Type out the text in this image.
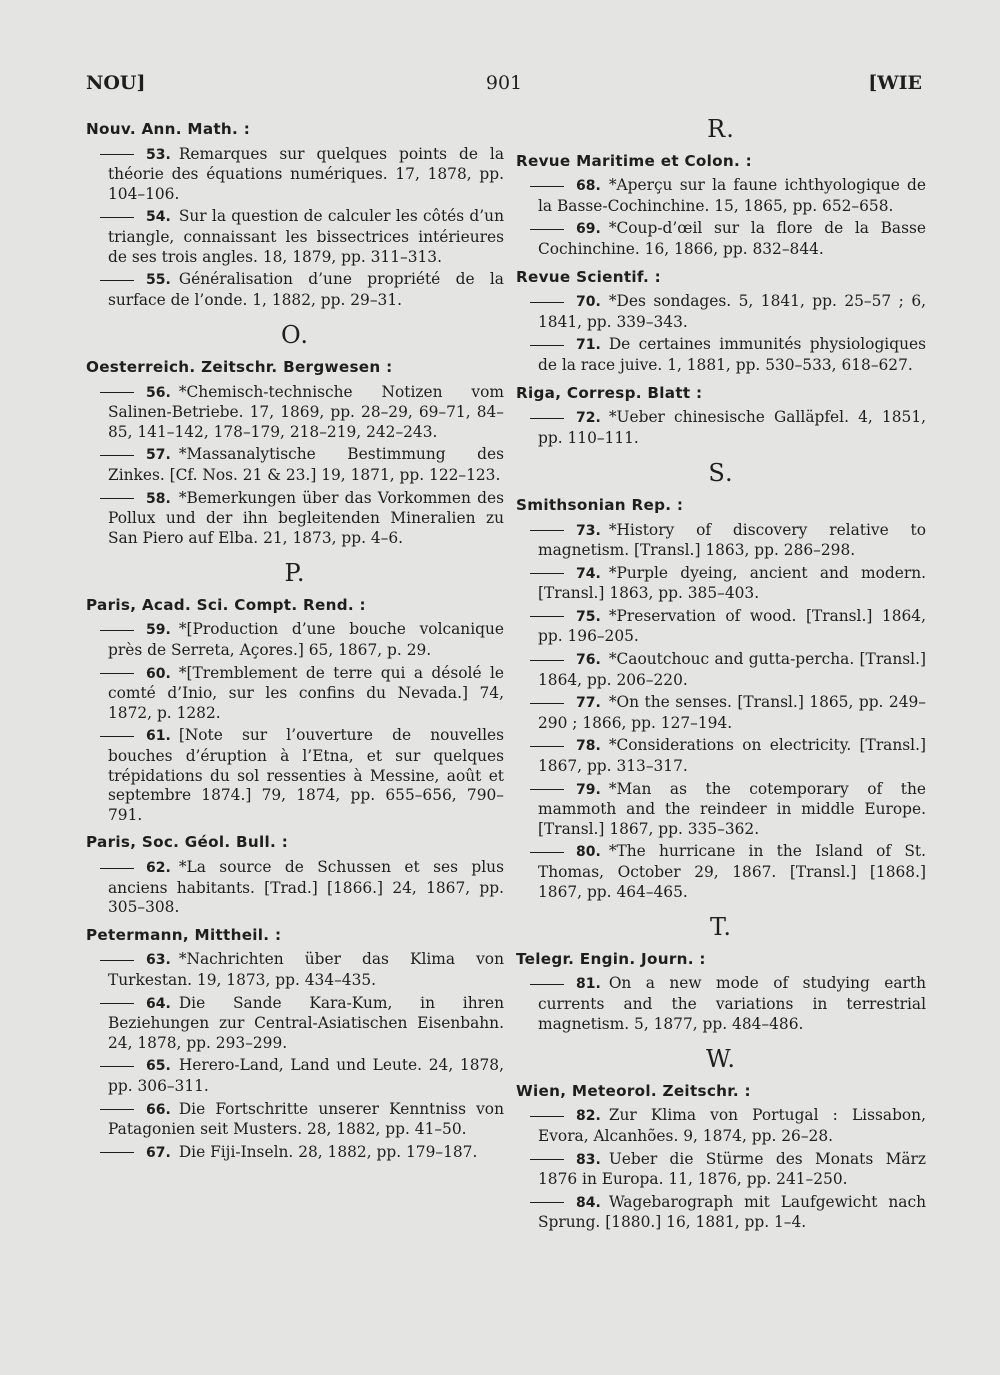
NOU]	901	[WIE
Nouv. Ann. Math. :
53. Remarques sur quelques points de la théorie des équations numériques. 17, 1878, pp. 104–106.
54. Sur la question de calculer les côtés d’un triangle, connaissant les bissectrices intérieures de ses trois angles. 18, 1879, pp. 311–313.
55. Généralisation d’une propriété de la surface de l’onde. 1, 1882, pp. 29–31.
O.
Oesterreich. Zeitschr. Bergwesen :
56. *Chemisch-technische Notizen vom Salinen-Betriebe. 17, 1869, pp. 28–29, 69–71, 84–85, 141–142, 178–179, 218–219, 242–243.
57. *Massanalytische Bestimmung des Zinkes. [Cf. Nos. 21 & 23.] 19, 1871, pp. 122–123.
58. *Bemerkungen über das Vorkommen des Pollux und der ihn begleitenden Mineralien zu San Piero auf Elba. 21, 1873, pp. 4–6.
P.
Paris, Acad. Sci. Compt. Rend. :
59. *[Production d’une bouche volcanique près de Serreta, Açores.] 65, 1867, p. 29.
60. *[Tremblement de terre qui a désolé le comté d’Inio, sur les confins du Nevada.] 74, 1872, p. 1282.
61. [Note sur l’ouverture de nouvelles bouches d’éruption à l’Etna, et sur quelques trépidations du sol ressenties à Messine, août et septembre 1874.] 79, 1874, pp. 655–656, 790–791.
Paris, Soc. Géol. Bull. :
62. *La source de Schussen et ses plus anciens habitants. [Trad.] [1866.] 24, 1867, pp. 305–308.
Petermann, Mittheil. :
63. *Nachrichten über das Klima von Turkestan. 19, 1873, pp. 434–435.
64. Die Sande Kara-Kum, in ihren Beziehungen zur Central-Asiatischen Eisenbahn. 24, 1878, pp. 293–299.
65. Herero-Land, Land und Leute. 24, 1878, pp. 306–311.
66. Die Fortschritte unserer Kenntniss von Patagonien seit Musters. 28, 1882, pp. 41–50.
67. Die Fiji-Inseln. 28, 1882, pp. 179–187.
R.
Revue Maritime et Colon. :
68. *Aperçu sur la faune ichthyologique de la Basse-Cochinchine. 15, 1865, pp. 652–658.
69. *Coup-d’œil sur la flore de la Basse Cochinchine. 16, 1866, pp. 832–844.
Revue Scientif. :
70. *Des sondages. 5, 1841, pp. 25–57 ; 6, 1841, pp. 339–343.
71. De certaines immunités physiologiques de la race juive. 1, 1881, pp. 530–533, 618–627.
Riga, Corresp. Blatt :
72. *Ueber chinesische Galläpfel. 4, 1851, pp. 110–111.
S.
Smithsonian Rep. :
73. *History of discovery relative to magnetism. [Transl.] 1863, pp. 286–298.
74. *Purple dyeing, ancient and modern. [Transl.] 1863, pp. 385–403.
75. *Preservation of wood. [Transl.] 1864, pp. 196–205.
76. *Caoutchouc and gutta-percha. [Transl.] 1864, pp. 206–220.
77. *On the senses. [Transl.] 1865, pp. 249–290 ; 1866, pp. 127–194.
78. *Considerations on electricity. [Transl.] 1867, pp. 313–317.
79. *Man as the cotemporary of the mammoth and the reindeer in middle Europe. [Transl.] 1867, pp. 335–362.
80. *The hurricane in the Island of St. Thomas, October 29, 1867. [Transl.] [1868.] 1867, pp. 464–465.
T.
Telegr. Engin. Journ. :
81. On a new mode of studying earth currents and the variations in terrestrial magnetism. 5, 1877, pp. 484–486.
W.
Wien, Meteorol. Zeitschr. :
82. Zur Klima von Portugal : Lissabon, Evora, Alcanhões. 9, 1874, pp. 26–28.
83. Ueber die Stürme des Monats März 1876 in Europa. 11, 1876, pp. 241–250.
84. Wagebarograph mit Laufgewicht nach Sprung. [1880.] 16, 1881, pp. 1–4.
